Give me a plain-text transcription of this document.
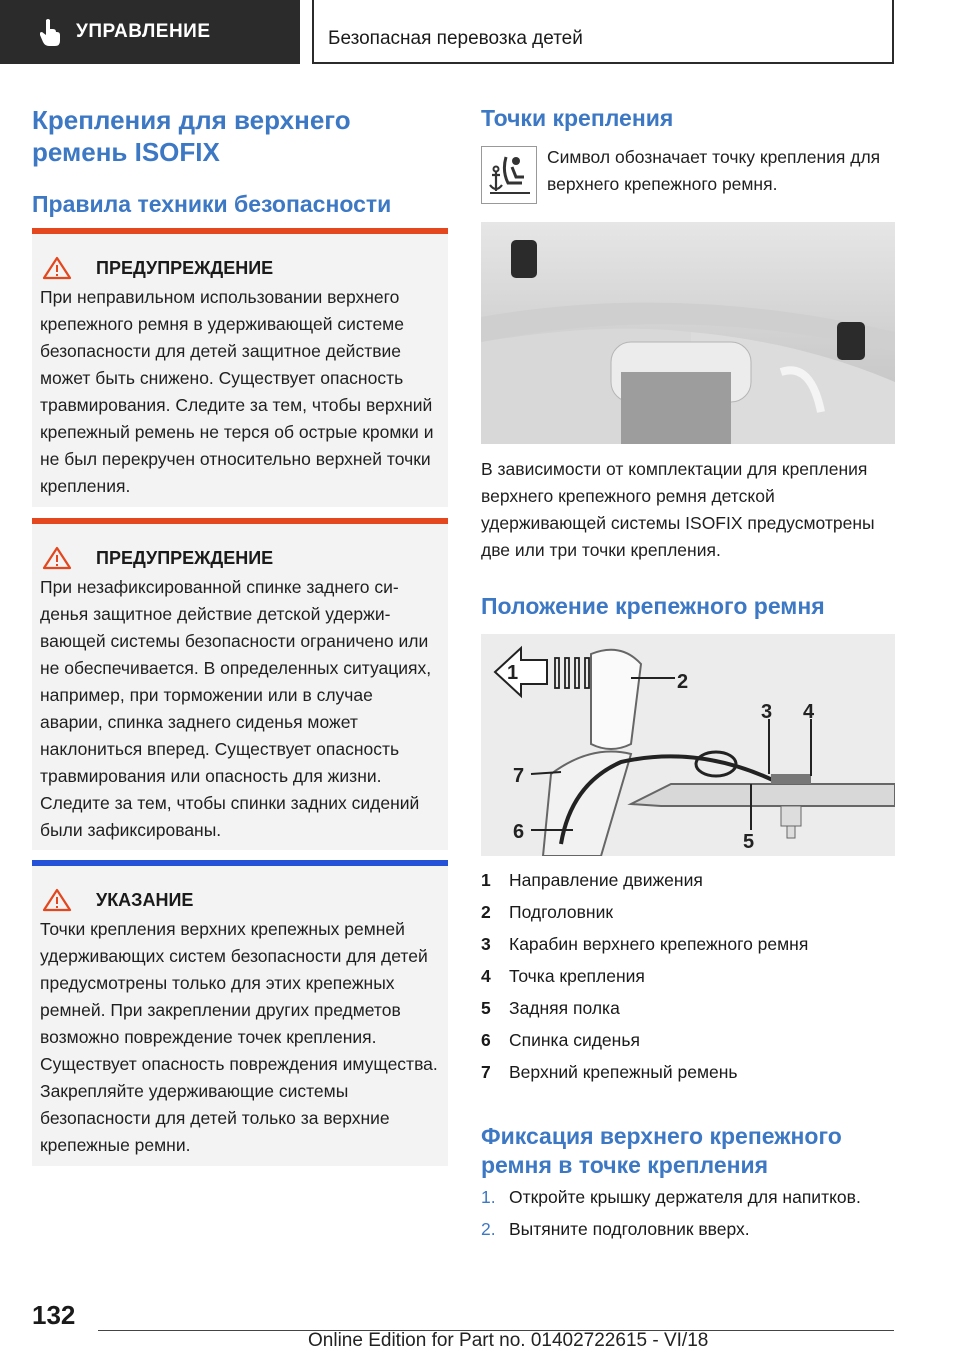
УПРАВЛЕНИЕ	Безопасная перевозка детей
Крепления для верхнего ремень ISOFIX
Правила техники безопасности
ПРЕДУПРЕЖДЕНИЕ
При неправильном использовании верхнего крепежного ремня в удерживающей системе безопасности для детей защитное действие может быть снижено. Существует опасность травмирования. Следите за тем, чтобы верхний крепежный ремень не терся об острые кромки и не был перекручен относительно верхней точки крепления.
ПРЕДУПРЕЖДЕНИЕ
При незафиксированной спинке заднего сиденья защитное действие детской удерживающей системы безопасности ограничено или не обеспечивается. В определенных ситуациях, например, при торможении или в случае аварии, спинка заднего сиденья может наклониться вперед. Существует опасность травмирования или опасность для жизни. Следите за тем, чтобы спинки задних сидений были зафиксированы.
УКАЗАНИЕ
Точки крепления верхних крепежных ремней удерживающих систем безопасности для детей предусмотрены только для этих крепежных ремней. При закреплении других предметов возможно повреждение точек крепления. Существует опасность повреждения имущества. Закрепляйте удерживающие системы безопасности для детей только за верхние крепежные ремни.
Точки крепления
Символ обозначает точку крепления для верхнего крепежного ремня.
В зависимости от комплектации для крепления верхнего крепежного ремня детской удерживающей системы ISOFIX предусмотрены две или три точки крепления.
Положение крепежного ремня
1	2
3 4
5
6
7
1 Направление движения
2 Подголовник
3 Карабин верхнего крепежного ремня
4 Точка крепления
5 Задняя полка
6 Спинка сиденья
7 Верхний крепежный ремень
Фиксация верхнего крепежного ремня в точке крепления
1. Откройте крышку держателя для напитков.
2. Вытяните подголовник вверх.
132
Online Edition for Part no. 01402722615 - VI/18
